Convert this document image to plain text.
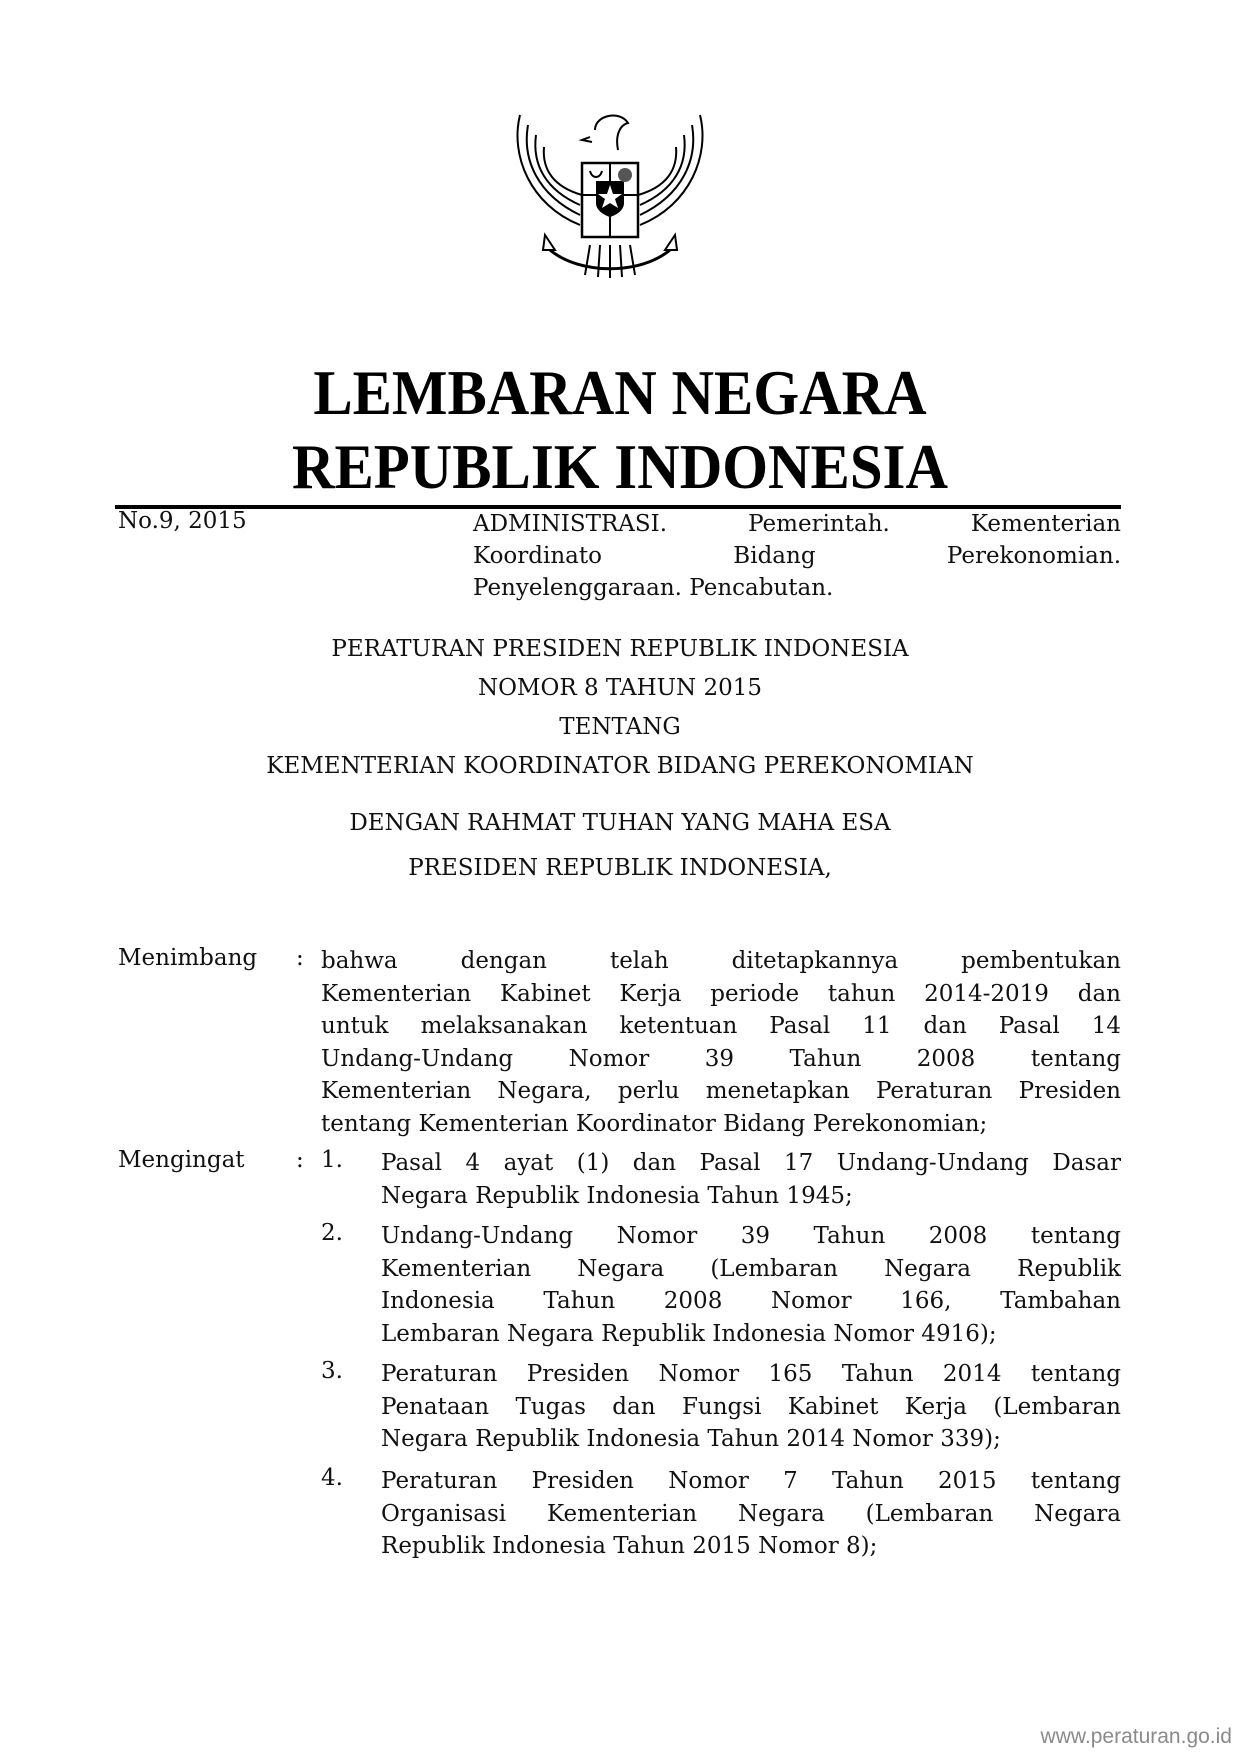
LEMBARAN NEGARA
REPUBLIK INDONESIA
No.9, 2015	ADMINISTRASI. Pemerintah. Kementerian
Koordinato Bidang Perekonomian.
Penyelenggaraan. Pencabutan.
PERATURAN PRESIDEN REPUBLIK INDONESIA
NOMOR 8 TAHUN 2015
TENTANG
KEMENTERIAN KOORDINATOR BIDANG PEREKONOMIAN
DENGAN RAHMAT TUHAN YANG MAHA ESA
PRESIDEN REPUBLIK INDONESIA,
Menimbang : bahwa dengan telah ditetapkannya pembentukan
Kementerian Kabinet Kerja periode tahun 2014-2019 dan
untuk melaksanakan ketentuan Pasal 11 dan Pasal 14
Undang-Undang Nomor 39 Tahun 2008 tentang
Kementerian Negara, perlu menetapkan Peraturan Presiden
tentang Kementerian Koordinator Bidang Perekonomian;
Mengingat : 1. Pasal 4 ayat (1) dan Pasal 17 Undang-Undang Dasar
Negara Republik Indonesia Tahun 1945;
2. Undang-Undang Nomor 39 Tahun 2008 tentang
Kementerian Negara (Lembaran Negara Republik
Indonesia Tahun 2008 Nomor 166, Tambahan
Lembaran Negara Republik Indonesia Nomor 4916);
3. Peraturan Presiden Nomor 165 Tahun 2014 tentang
Penataan Tugas dan Fungsi Kabinet Kerja (Lembaran
Negara Republik Indonesia Tahun 2014 Nomor 339);
4. Peraturan Presiden Nomor 7 Tahun 2015 tentang
Organisasi Kementerian Negara (Lembaran Negara
Republik Indonesia Tahun 2015 Nomor 8);
www.peraturan.go.id
